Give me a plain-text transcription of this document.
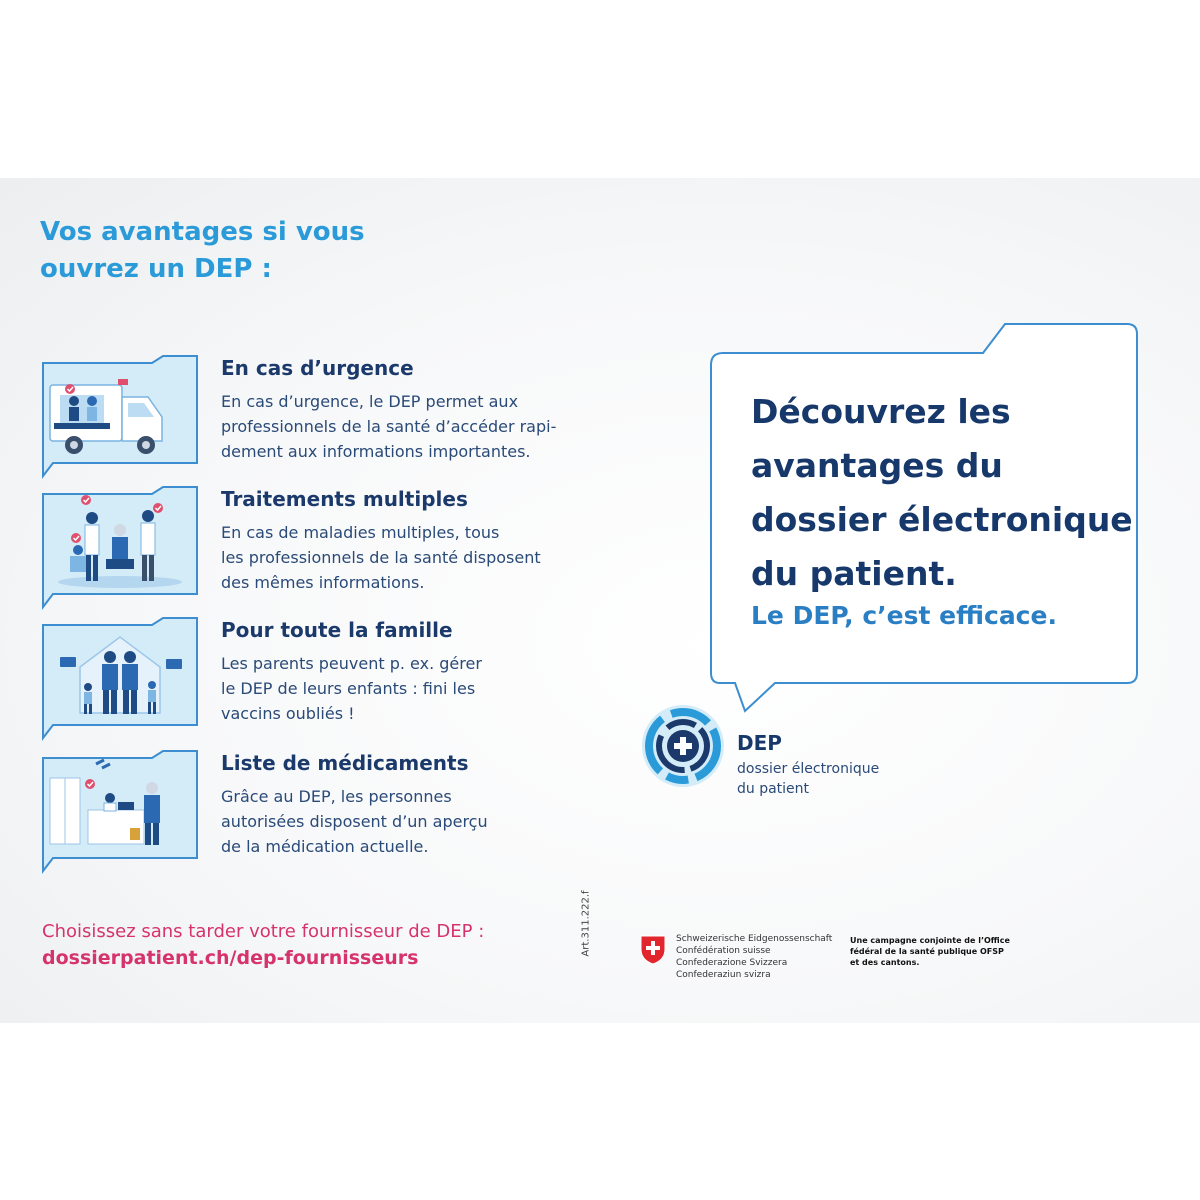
Vos avantages si vous
ouvrez un DEP :
En cas d’urgence
En cas d’urgence, le DEP permet aux
professionnels de la santé d’accéder rapi-
dement aux informations importantes.
Traitements multiples
En cas de maladies multiples, tous
les professionnels de la santé disposent
des mêmes informations.
Pour toute la famille
Les parents peuvent p. ex. gérer
le DEP de leurs enfants : fini les
vaccins oubliés !
Liste de médicaments
Grâce au DEP, les personnes
autorisées disposent d’un aperçu
de la médication actuelle.
Choisissez sans tarder votre fournisseur de DEP :
dossierpatient.ch/dep-fournisseurs
Art.311.222.f
Découvrez les
avantages du
dossier électronique
du patient.
Le DEP, c’est efficace.
DEP
dossier électronique
du patient
Schweizerische Eidgenossenschaft
Confédération suisse
Confederazione Svizzera
Confederaziun svizra
Une campagne conjointe de l’Office
fédéral de la santé publique OFSP
et des cantons.
